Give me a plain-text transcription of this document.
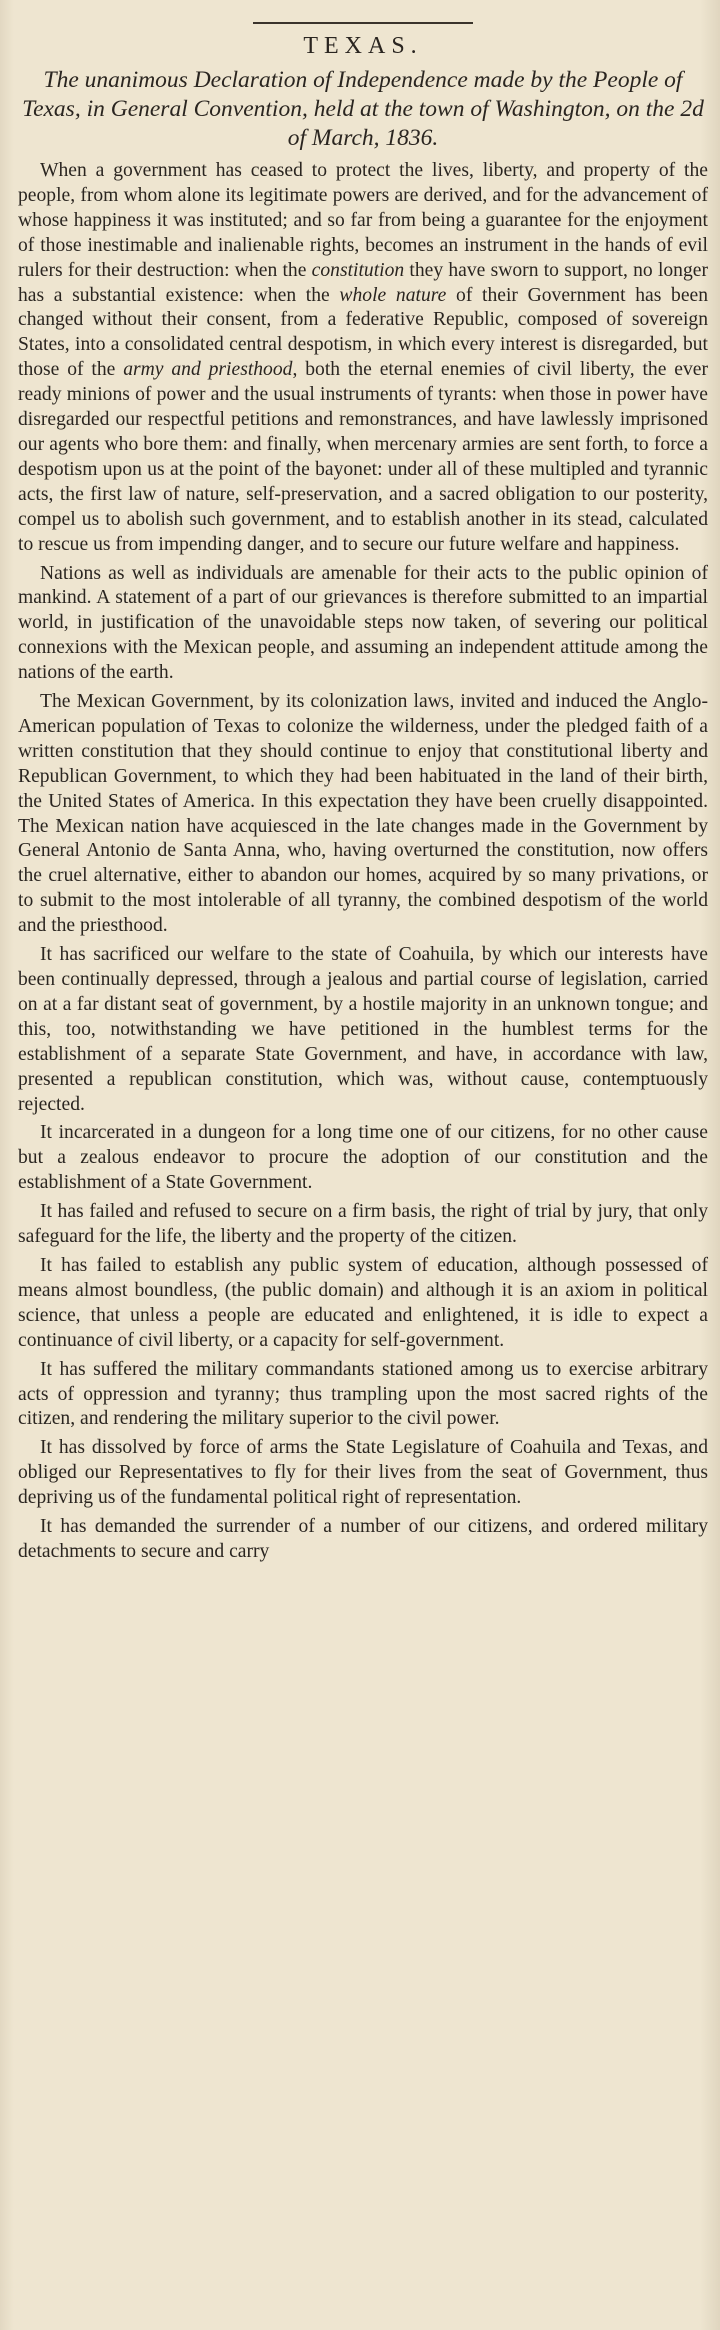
TEXAS.
The unanimous Declaration of Independence made by the People of Texas, in General Convention, held at the town of Washington, on the 2d of March, 1836.

When a government has ceased to protect the lives, liberty, and property of the people, from whom alone its legitimate powers are derived, and for the advancement of whose happiness it was instituted; and so far from being a guarantee for the enjoyment of those inestimable and inalienable rights, becomes an instrument in the hands of evil rulers for their destruction: when the constitution they have sworn to support, no longer has a substantial existence: when the whole nature of their Government has been changed without their consent, from a federative Republic, composed of sovereign States, into a consolidated central despotism, in which every interest is disregarded, but those of the army and priesthood, both the eternal enemies of civil liberty, the ever ready minions of power and the usual instruments of tyrants: when those in power have disregarded our respectful petitions and remonstrances, and have lawlessly imprisoned our agents who bore them: and finally, when mercenary armies are sent forth, to force a despotism upon us at the point of the bayonet: under all of these multipled and tyrannic acts, the first law of nature, self-preservation, and a sacred obligation to our posterity, compel us to abolish such government, and to establish another in its stead, calculated to rescue us from impending danger, and to secure our future welfare and happiness.

Nations as well as individuals are amenable for their acts to the public opinion of mankind. A statement of a part of our grievances is therefore submitted to an impartial world, in justification of the unavoidable steps now taken, of severing our political connexions with the Mexican people, and assuming an independent attitude among the nations of the earth.

The Mexican Government, by its colonization laws, invited and induced the Anglo-American population of Texas to colonize the wilderness, under the pledged faith of a written constitution that they should continue to enjoy that constitutional liberty and Republican Government, to which they had been habituated in the land of their birth, the United States of America. In this expectation they have been cruelly disappointed. The Mexican nation have acquiesced in the late changes made in the Government by General Antonio de Santa Anna, who, having overturned the constitution, now offers the cruel alternative, either to abandon our homes, acquired by so many privations, or to submit to the most intolerable of all tyranny, the combined despotism of the world and the priesthood.

It has sacrificed our welfare to the state of Coahuila, by which our interests have been continually depressed, through a jealous and partial course of legislation, carried on at a far distant seat of government, by a hostile majority in an unknown tongue; and this, too, notwithstanding we have petitioned in the humblest terms for the establishment of a separate State Government, and have, in accordance with law, presented a republican constitution, which was, without cause, contemptuously rejected.

It incarcerated in a dungeon for a long time one of our citizens, for no other cause but a zealous endeavor to procure the adoption of our constitution and the establishment of a State Government.

It has failed and refused to secure on a firm basis, the right of trial by jury, that only safeguard for the life, the liberty and the property of the citizen.

It has failed to establish any public system of education, although possessed of means almost boundless, (the public domain) and although it is an axiom in political science, that unless a people are educated and enlightened, it is idle to expect a continuance of civil liberty, or a capacity for self-government.

It has suffered the military commandants stationed among us to exercise arbitrary acts of oppression and tyranny; thus trampling upon the most sacred rights of the citizen, and rendering the military superior to the civil power.

It has dissolved by force of arms the State Legislature of Coahuila and Texas, and obliged our Representatives to fly for their lives from the seat of Government, thus depriving us of the fundamental political right of representation.

It has demanded the surrender of a number of our citizens, and ordered military detachments to secure and carry
